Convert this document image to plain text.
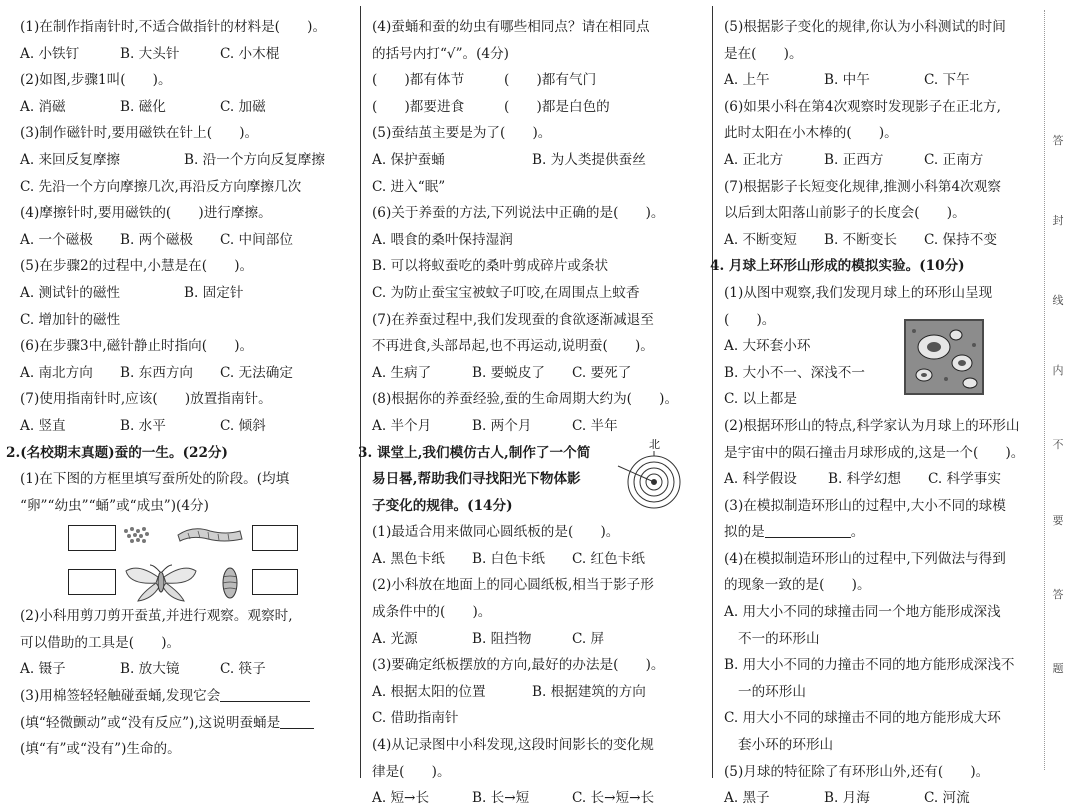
(1)在制作指南针时,不适合做指针的材料是(　　)。
A. 小铁钉	B. 大头针	C. 小木棍
(2)如图,步骤1叫(　　)。
A. 消磁	B. 磁化	C. 加磁
(3)制作磁针时,要用磁铁在针上(　　)。
A. 来回反复摩擦	B. 沿一个方向反复摩擦
C. 先沿一个方向摩擦几次,再沿反方向摩擦几次
(4)摩擦针时,要用磁铁的(　　)进行摩擦。
A. 一个磁极	B. 两个磁极	C. 中间部位
(5)在步骤2的过程中,小慧是在(　　)。
A. 测试针的磁性	B. 固定针
C. 增加针的磁性
(6)在步骤3中,磁针静止时指向(　　)。
A. 南北方向	B. 东西方向	C. 无法确定
(7)使用指南针时,应该(　　)放置指南针。
A. 竖直	B. 水平	C. 倾斜
2.(名校期末真题)蚕的一生。(22分)
(1)在下图的方框里填写蚕所处的阶段。(均填
“卵”“幼虫”“蛹”或“成虫”)(4分)
(2)小科用剪刀剪开蚕茧,并进行观察。观察时,
可以借助的工具是(　　)。
A. 镊子	B. 放大镜	C. 筷子
(3)用棉签轻轻触碰蚕蛹,发现它会
(填“轻微颤动”或“没有反应”),这说明蚕蛹是
(填“有”或“没有”)生命的。
(4)蚕蛹和蚕的幼虫有哪些相同点？请在相同点
的括号内打“√”。(4分)
(　　)都有体节	(　　)都有气门
(　　)都要进食	(　　)都是白色的
(5)蚕结茧主要是为了(　　)。
A. 保护蚕蛹	B. 为人类提供蚕丝
C. 进入“眠”
(6)关于养蚕的方法,下列说法中正确的是(　　)。
A. 喂食的桑叶保持湿润
B. 可以将蚁蚕吃的桑叶剪成碎片或条状
C. 为防止蚕宝宝被蚊子叮咬,在周围点上蚊香
(7)在养蚕过程中,我们发现蚕的食欲逐渐减退至
不再进食,头部昂起,也不再运动,说明蚕(　　)。
A. 生病了	B. 要蜕皮了	C. 要死了
(8)根据你的养蚕经验,蚕的生命周期大约为(　　)。
A. 半个月	B. 两个月	C. 半年
3. 课堂上,我们模仿古人,制作了一个简
易日晷,帮助我们寻找阳光下物体影
子变化的规律。(14分)
北
(1)最适合用来做同心圆纸板的是(　　)。
A. 黑色卡纸	B. 白色卡纸	C. 红色卡纸
(2)小科放在地面上的同心圆纸板,相当于影子形
成条件中的(　　)。
A. 光源	B. 阻挡物	C. 屏
(3)要确定纸板摆放的方向,最好的办法是(　　)。
A. 根据太阳的位置	B. 根据建筑的方向
C. 借助指南针
(4)从记录图中小科发现,这段时间影长的变化规
律是(　　)。
A. 短→长	B. 长→短	C. 长→短→长
(5)根据影子变化的规律,你认为小科测试的时间
是在(　　)。
A. 上午	B. 中午	C. 下午
(6)如果小科在第4次观察时发现影子在正北方,
此时太阳在小木棒的(　　)。
A. 正北方	B. 正西方	C. 正南方
(7)根据影子长短变化规律,推测小科第4次观察
以后到太阳落山前影子的长度会(　　)。
A. 不断变短	B. 不断变长	C. 保持不变
4. 月球上环形山形成的模拟实验。(10分)
(1)从图中观察,我们发现月球上的环形山呈现
(　　)。
A. 大环套小环
B. 大小不一、深浅不一
C. 以上都是
(2)根据环形山的特点,科学家认为月球上的环形山
是宇宙中的陨石撞击月球形成的,这是一个(　　)。
A. 科学假设	B. 科学幻想	C. 科学事实
(3)在模拟制造环形山的过程中,大小不同的球模
拟的是	。
(4)在模拟制造环形山的过程中,下列做法与得到
的现象一致的是(　　)。
A. 用大小不同的球撞击同一个地方能形成深浅
不一的环形山
B. 用大小不同的力撞击不同的地方能形成深浅不
一的环形山
C. 用大小不同的球撞击不同的地方能形成大环
套小环的环形山
(5)月球的特征除了有环形山外,还有(　　)。
A. 黑子	B. 月海	C. 河流
答
封
线
内
不
要
答
题
